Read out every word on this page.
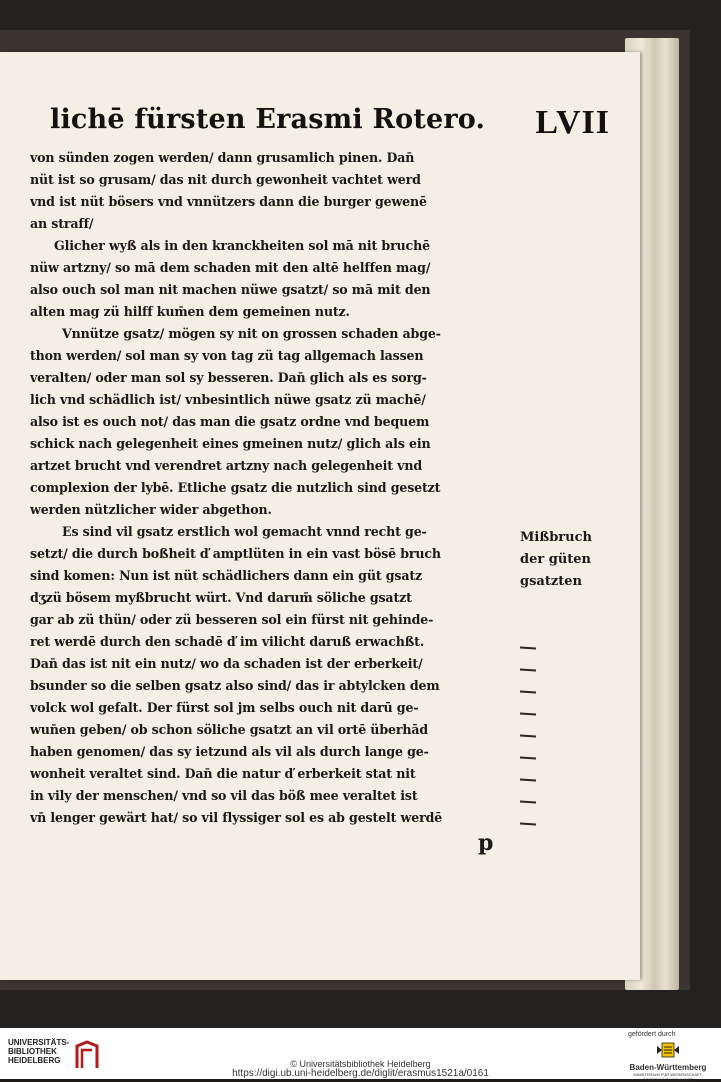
lichē fürsten Erasmi Rotero. LVII
von sünden zogen werden/ dann grusamlich pinen. Dan̄
nüt ist so grusam/ das nit durch gewonheit vachtet werd
vnd ist nüt bösers vnd vnnützers dann die burger gewenē
an straff/
Glicher wyß als in den kranckheiten sol mā nit bruchē
nüw artzny/ so mā dem schaden mit den altē helffen mag/
also ouch sol man nit machen nüwe gsatzt/ so mā mit den
alten mag zü hilff kum̄en dem gemeinen nutz.
Vnnütze gsatz/ mögen sy nit on grossen schaden abge-
thon werden/ sol man sy von tag zü tag allgemach lassen
veralten/ oder man sol sy besseren. Dan̄ glich als es sorg-
lich vnd schädlich ist/ vnbesintlich nüwe gsatz zü machē/
also ist es ouch not/ das man die gsatz ordne vnd bequem
schick nach gelegenheit eines gmeinen nutz/ glich als ein
artzet brucht vnd verendret artzny nach gelegenheit vnd
complexion der lybē. Etliche gsatz die nutzlich sind gesetzt
werden nützlicher wider abgethon.
Es sind vil gsatz erstlich wol gemacht vnnd recht ge-
setzt/ die durch boßheit ď amptlüten in ein vast bösē bruch
sind komen: Nun ist nüt schädlichers dann ein güt gsatz
dʒzü bösem myßbrucht würt. Vnd darum̄ söliche gsatzt
gar ab zü thün/ oder zü besseren sol ein fürst nit gehinde-
ret werdē durch den schadē ď im vilicht daruß erwachßt.
Dan̄ das ist nit ein nutz/ wo da schaden ist der erberkeit/
bsunder so die selben gsatz also sind/ das ir abtylcken dem
volck wol gefalt. Der fürst sol jm selbs ouch nit darū ge-
wun̄en geben/ ob schon söliche gsatzt an vil ortē überhād
haben genomen/ das sy ietzund als vil als durch lange ge-
wonheit veraltet sind. Dan̄ die natur ď erberkeit stat nit
in vily der menschen/ vnd so vil das böß mee veraltet ist
vn̄ lenger gewärt hat/ so vil flyssiger sol es ab gestelt werdē
Mißbruch
der güten
gsatzten
p
UNIVERSITÄTS-
BIBLIOTHEK
HEIDELBERG	© Universitätsbibliothek Heidelberg
https://digi.ub.uni-heidelberg.de/diglit/erasmus1521a/0161
gefördert durch
Baden-Württemberg
MINISTERIUM FÜR WISSENSCHAFT, FORSCHUNG UND KUNST
